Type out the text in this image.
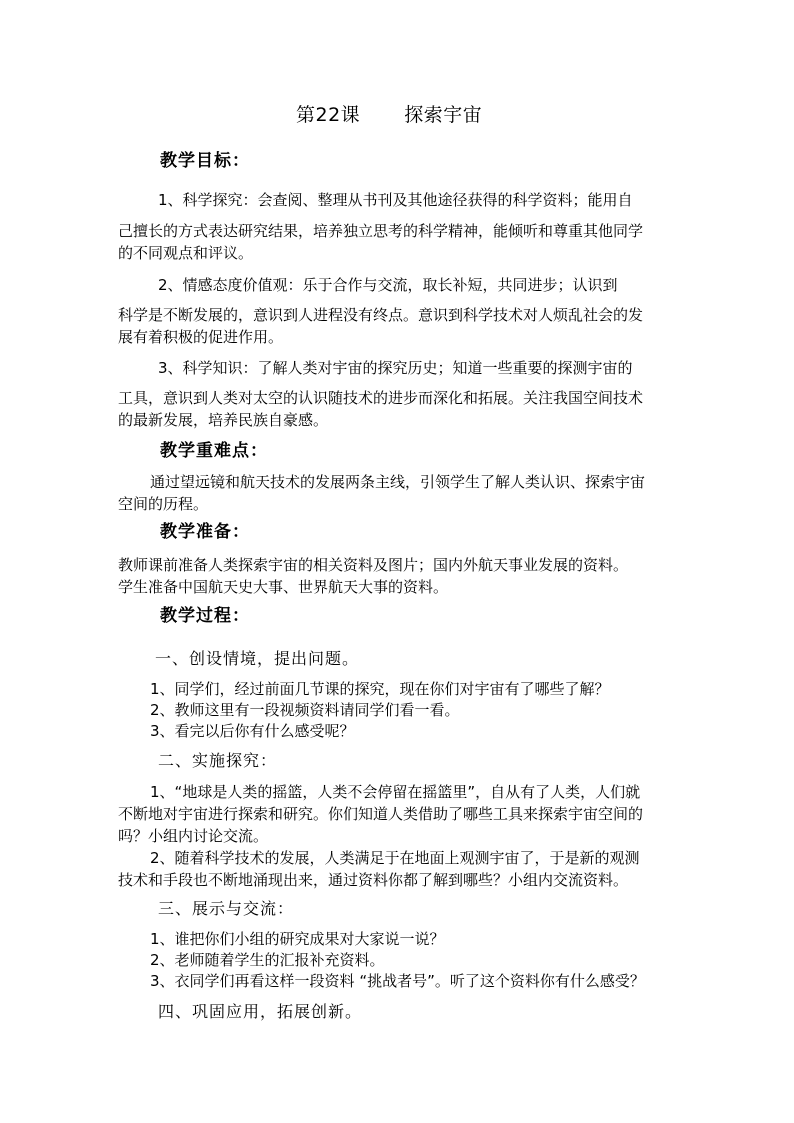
第22课 探索宇宙
教学目标：
1、科学探究：会查阅、整理从书刊及其他途径获得的科学资料；能用自
己擅长的方式表达研究结果，培养独立思考的科学精神，能倾听和尊重其他同学
的不同观点和评议。
2、情感态度价值观：乐于合作与交流，取长补短，共同进步；认识到
科学是不断发展的，意识到人进程没有终点。意识到科学技术对人烦乱社会的发
展有着积极的促进作用。
3、科学知识：了解人类对宇宙的探究历史；知道一些重要的探测宇宙的
工具，意识到人类对太空的认识随技术的进步而深化和拓展。关注我国空间技术
的最新发展，培养民族自豪感。
教学重难点：
通过望远镜和航天技术的发展两条主线，引领学生了解人类认识、探索宇宙
空间的历程。
教学准备：
教师课前准备人类探索宇宙的相关资料及图片；国内外航天事业发展的资料。
学生准备中国航天史大事、世界航天大事的资料。
教学过程：
一、创设情境，提出问题。
1、同学们，经过前面几节课的探究，现在你们对宇宙有了哪些了解？
2、教师这里有一段视频资料请同学们看一看。
3、看完以后你有什么感受呢？
二、实施探究：
1、“地球是人类的摇篮，人类不会停留在摇篮里”，自从有了人类，人们就
不断地对宇宙进行探索和研究。你们知道人类借助了哪些工具来探索宇宙空间的
吗？小组内讨论交流。
2、随着科学技术的发展，人类满足于在地面上观测宇宙了，于是新的观测
技术和手段也不断地涌现出来，通过资料你都了解到哪些？小组内交流资料。
三、展示与交流：
1、谁把你们小组的研究成果对大家说一说？
2、老师随着学生的汇报补充资料。
3、衣同学们再看这样一段资料 “挑战者号”。听了这个资料你有什么感受？
四、巩固应用，拓展创新。
